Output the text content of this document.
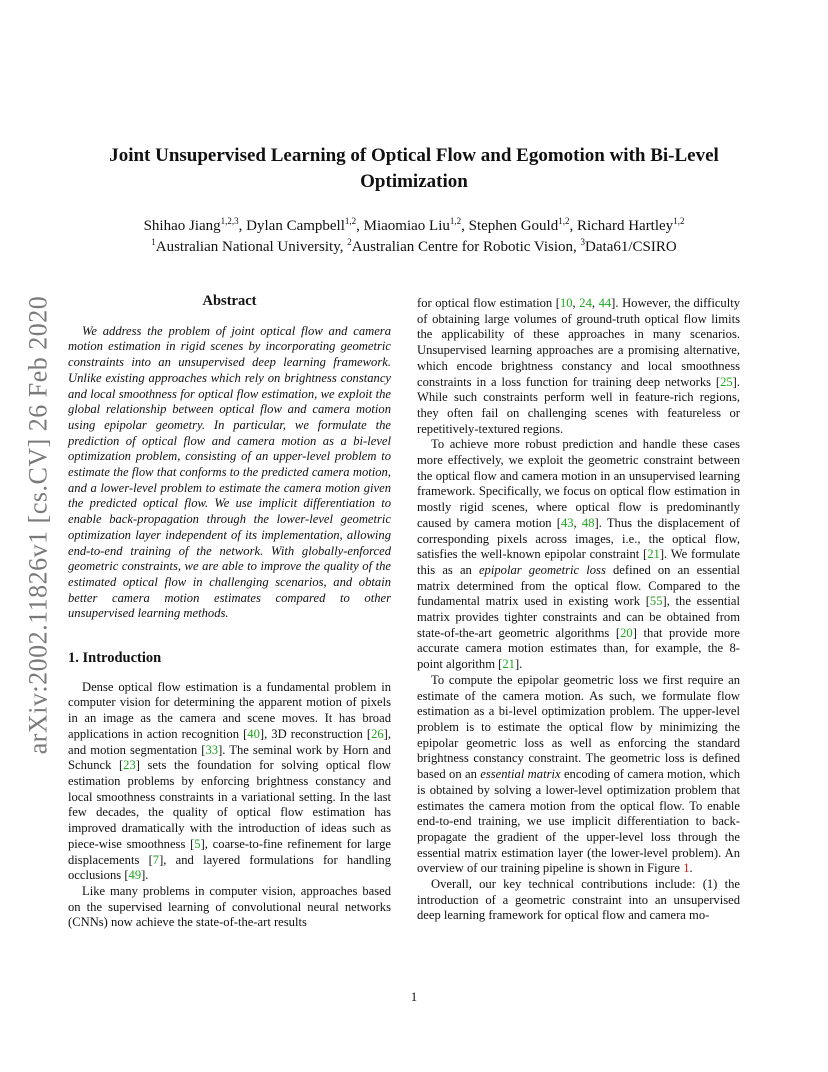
arXiv:2002.11826v1 [cs.CV] 26 Feb 2020
Joint Unsupervised Learning of Optical Flow and Egomotion with Bi-Level
Optimization
Shihao Jiang$^{1,2,3}$, Dylan Campbell$^{1,2}$, Miaomiao Liu$^{1,2}$, Stephen Gould$^{1,2}$, Richard Hartley$^{1,2}$
$^1$Australian National University, $^2$Australian Centre for Robotic Vision, $^3$Data61/CSIRO
Abstract

We address the problem of joint optical flow and camera motion estimation in rigid scenes by incorporating geometric constraints into an unsupervised deep learning framework. Unlike existing approaches which rely on brightness constancy and local smoothness for optical flow estimation, we exploit the global relationship between optical flow and camera motion using epipolar geometry. In particular, we formulate the prediction of optical flow and camera motion as a bi-level optimization problem, consisting of an upper-level problem to estimate the flow that conforms to the predicted camera motion, and a lower-level problem to estimate the camera motion given the predicted optical flow. We use implicit differentiation to enable back-propagation through the lower-level geometric optimization layer independent of its implementation, allowing end-to-end training of the network. With globally-enforced geometric constraints, we are able to improve the quality of the estimated optical flow in challenging scenarios, and obtain better camera motion estimates compared to other unsupervised learning methods.

1. Introduction

Dense optical flow estimation is a fundamental problem in computer vision for determining the apparent motion of pixels in an image as the camera and scene moves. It has broad applications in action recognition [40], 3D reconstruction [26], and motion segmentation [33]. The seminal work by Horn and Schunck [23] sets the foundation for solving optical flow estimation problems by enforcing brightness constancy and local smoothness constraints in a variational setting. In the last few decades, the quality of optical flow estimation has improved dramatically with the introduction of ideas such as piece-wise smoothness [5], coarse-to-fine refinement for large displacements [7], and layered formulations for handling occlusions [49].

Like many problems in computer vision, approaches based on the supervised learning of convolutional neural networks (CNNs) now achieve the state-of-the-art results

for optical flow estimation [10, 24, 44]. However, the difficulty of obtaining large volumes of ground-truth optical flow limits the applicability of these approaches in many scenarios. Unsupervised learning approaches are a promising alternative, which encode brightness constancy and local smoothness constraints in a loss function for training deep networks [25]. While such constraints perform well in feature-rich regions, they often fail on challenging scenes with featureless or repetitively-textured regions.

To achieve more robust prediction and handle these cases more effectively, we exploit the geometric constraint between the optical flow and camera motion in an unsupervised learning framework. Specifically, we focus on optical flow estimation in mostly rigid scenes, where optical flow is predominantly caused by camera motion [43, 48]. Thus the displacement of corresponding pixels across images, i.e., the optical flow, satisfies the well-known epipolar constraint [21]. We formulate this as an epipolar geometric loss defined on an essential matrix determined from the optical flow. Compared to the fundamental matrix used in existing work [55], the essential matrix provides tighter constraints and can be obtained from state-of-the-art geometric algorithms [20] that provide more accurate camera motion estimates than, for example, the 8-point algorithm [21].

To compute the epipolar geometric loss we first require an estimate of the camera motion. As such, we formulate flow estimation as a bi-level optimization problem. The upper-level problem is to estimate the optical flow by minimizing the epipolar geometric loss as well as enforcing the standard brightness constancy constraint. The geometric loss is defined based on an essential matrix encoding of camera motion, which is obtained by solving a lower-level optimization problem that estimates the camera motion from the optical flow. To enable end-to-end training, we use implicit differentiation to back-propagate the gradient of the upper-level loss through the essential matrix estimation layer (the lower-level problem). An overview of our training pipeline is shown in Figure 1.

Overall, our key technical contributions include: (1) the introduction of a geometric constraint into an unsupervised deep learning framework for optical flow and camera mo-

1
